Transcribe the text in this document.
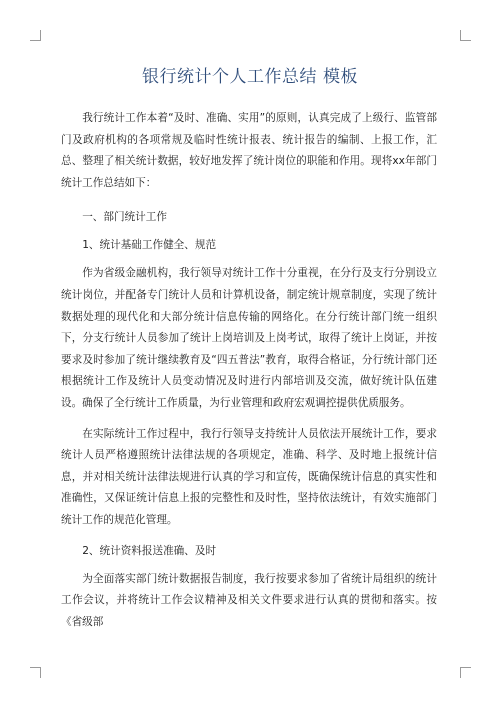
银行统计个人工作总结 模板

我行统计工作本着“及时、准确、实用”的原则，认真完成了上级行、监管部门及政府机构的各项常规及临时性统计报表、统计报告的编制、上报工作，汇总、整理了相关统计数据，较好地发挥了统计岗位的职能和作用。现将xx年部门统计工作总结如下：

一、部门统计工作

1、统计基础工作健全、规范

作为省级金融机构，我行领导对统计工作十分重视，在分行及支行分别设立统计岗位，并配备专门统计人员和计算机设备，制定统计规章制度，实现了统计数据处理的现代化和大部分统计信息传输的网络化。在分行统计部门统一组织下，分支行统计人员参加了统计上岗培训及上岗考试，取得了统计上岗证，并按要求及时参加了统计继续教育及“四五普法”教育，取得合格证，分行统计部门还根据统计工作及统计人员变动情况及时进行内部培训及交流，做好统计队伍建设。确保了全行统计工作质量，为行业管理和政府宏观调控提供优质服务。

在实际统计工作过程中，我行行领导支持统计人员依法开展统计工作，要求统计人员严格遵照统计法律法规的各项规定，准确、科学、及时地上报统计信息，并对相关统计法律法规进行认真的学习和宣传，既确保统计信息的真实性和准确性，又保证统计信息上报的完整性和及时性，坚持依法统计，有效实施部门统计工作的规范化管理。

2、统计资料报送准确、及时

为全面落实部门统计数据报告制度，我行按要求参加了省统计局组织的统计工作会议，并将统计工作会议精神及相关文件要求进行认真的贯彻和落实。按《省级部
